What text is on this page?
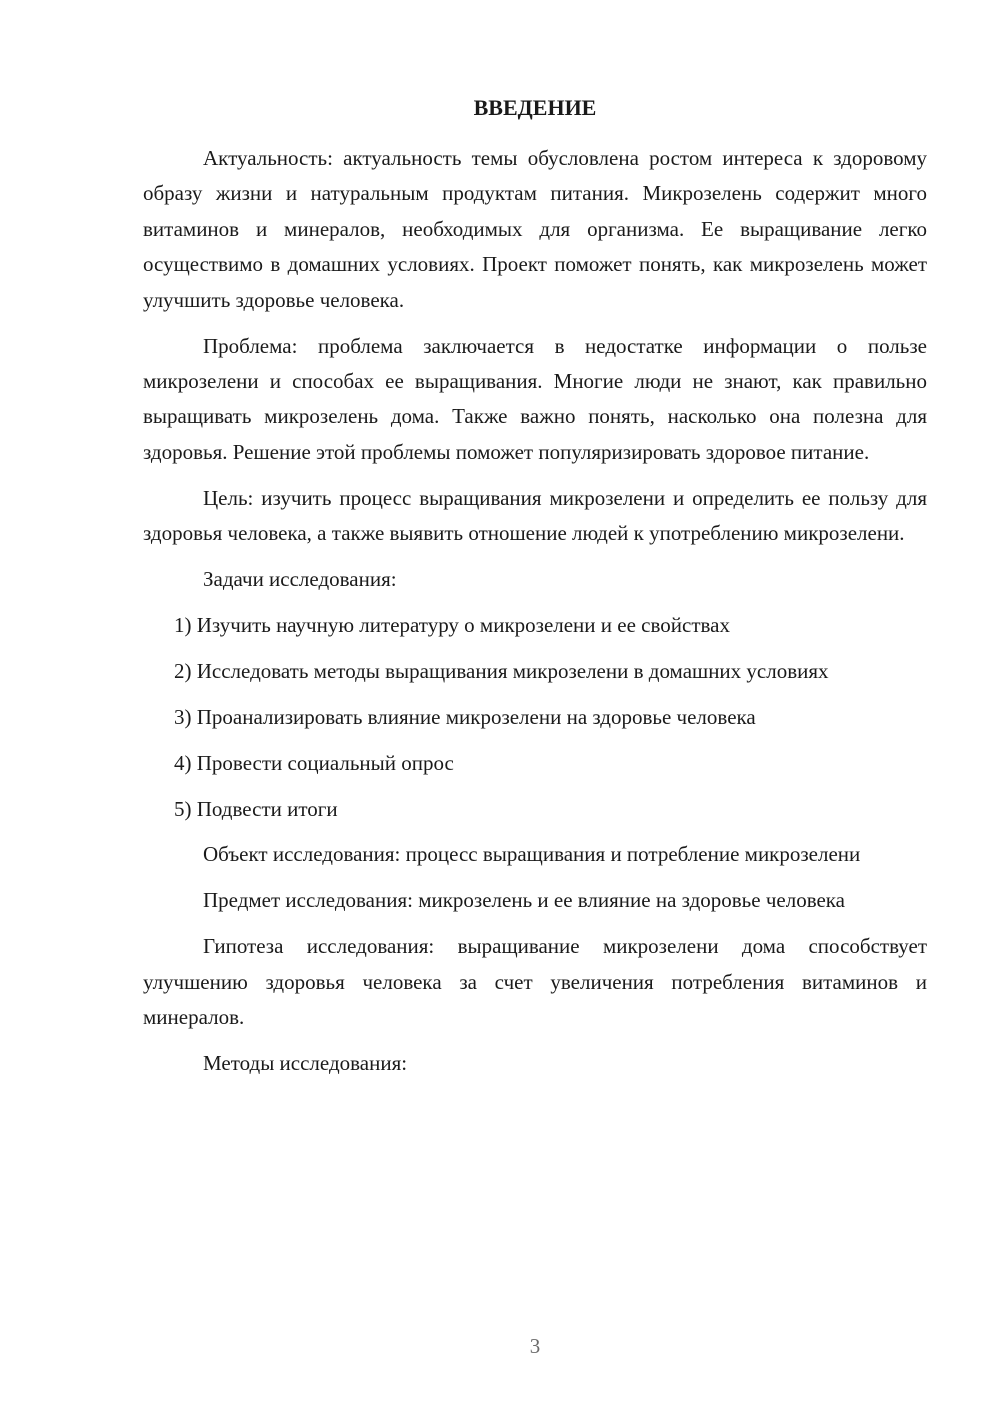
ВВЕДЕНИЕ

Актуальность: актуальность темы обусловлена ростом интереса к здоровому образу жизни и натуральным продуктам питания. Микрозелень содержит много витаминов и минералов, необходимых для организма. Ее выращивание легко осуществимо в домашних условиях. Проект поможет понять, как микрозелень может улучшить здоровье человека.

Проблема: проблема заключается в недостатке информации о пользе микрозелени и способах ее выращивания. Многие люди не знают, как правильно выращивать микрозелень дома. Также важно понять, насколько она полезна для здоровья. Решение этой проблемы поможет популяризировать здоровое питание.

Цель: изучить процесс выращивания микрозелени и определить ее пользу для здоровья человека, а также выявить отношение людей к употреблению микрозелени.

Задачи исследования:

1) Изучить научную литературу о микрозелени и ее свойствах

2) Исследовать методы выращивания микрозелени в домашних условиях

3) Проанализировать влияние микрозелени на здоровье человека

4) Провести социальный опрос

5) Подвести итоги

Объект исследования: процесс выращивания и потребление микрозелени

Предмет исследования: микрозелень и ее влияние на здоровье человека

Гипотеза исследования: выращивание микрозелени дома способствует улучшению здоровья человека за счет увеличения потребления витаминов и минералов.

Методы исследования:

3
